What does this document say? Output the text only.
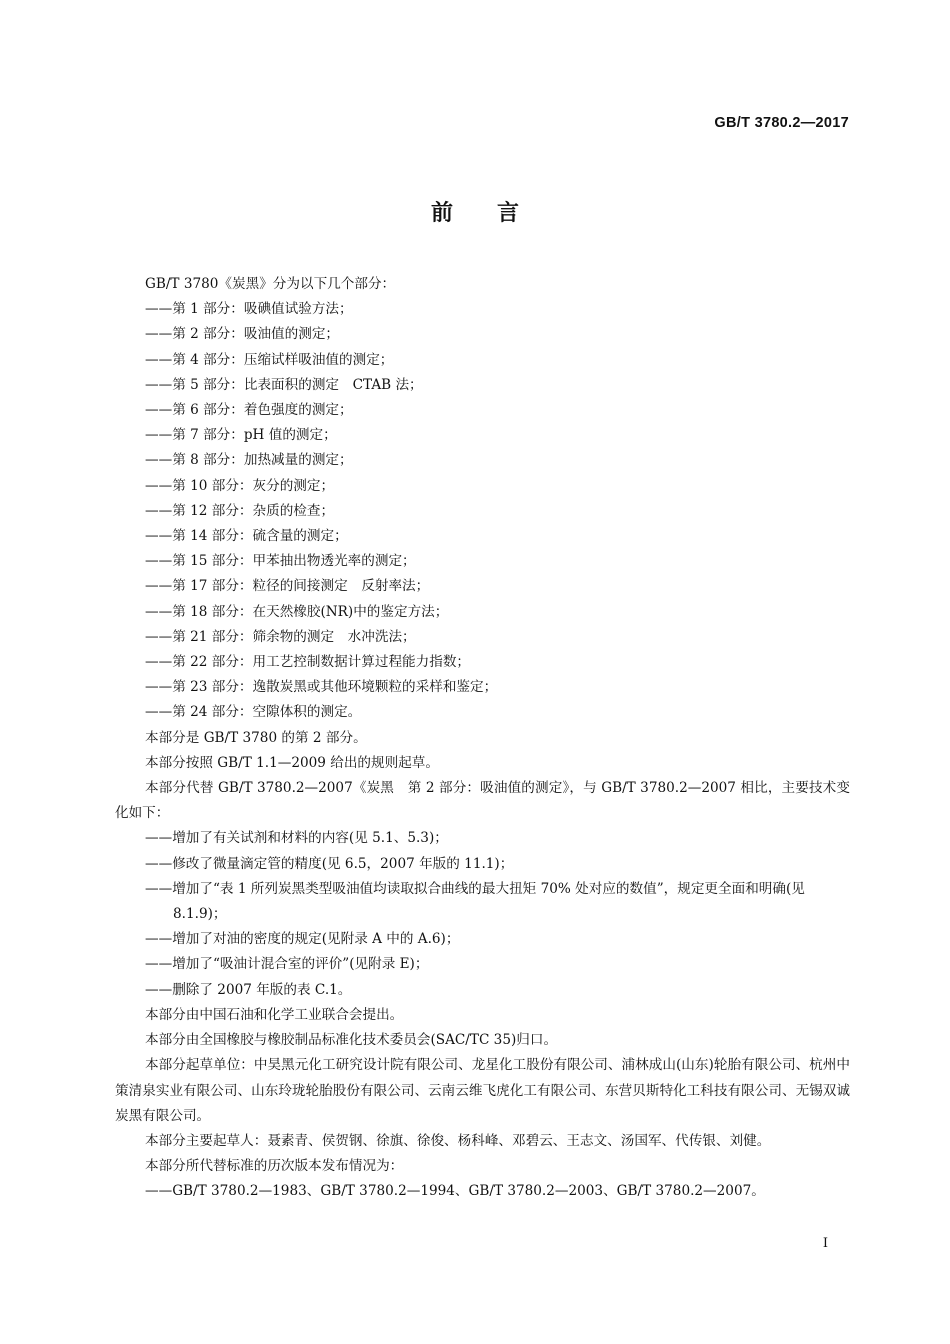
GB/T 3780.2—2017
前 言

GB/T 3780《炭黑》分为以下几个部分：

——第 1 部分：吸碘值试验方法；

——第 2 部分：吸油值的测定；

——第 4 部分：压缩试样吸油值的测定；

——第 5 部分：比表面积的测定　CTAB 法；

——第 6 部分：着色强度的测定；

——第 7 部分：pH 值的测定；

——第 8 部分：加热减量的测定；

——第 10 部分：灰分的测定；

——第 12 部分：杂质的检查；

——第 14 部分：硫含量的测定；

——第 15 部分：甲苯抽出物透光率的测定；

——第 17 部分：粒径的间接测定　反射率法；

——第 18 部分：在天然橡胶(NR)中的鉴定方法；

——第 21 部分：筛余物的测定　水冲洗法；

——第 22 部分：用工艺控制数据计算过程能力指数；

——第 23 部分：逸散炭黑或其他环境颗粒的采样和鉴定；

——第 24 部分：空隙体积的测定。

本部分是 GB/T 3780 的第 2 部分。

本部分按照 GB/T 1.1—2009 给出的规则起草。

本部分代替 GB/T 3780.2—2007《炭黑　第 2 部分：吸油值的测定》，与 GB/T 3780.2—2007 相比，主要技术变化如下：

——增加了有关试剂和材料的内容(见 5.1、5.3)；

——修改了微量滴定管的精度(见 6.5，2007 年版的 11.1)；

——增加了“表 1 所列炭黑类型吸油值均读取拟合曲线的最大扭矩 70% 处对应的数值”，规定更全面和明确(见 8.1.9)；

——增加了对油的密度的规定(见附录 A 中的 A.6)；

——增加了“吸油计混合室的评价”(见附录 E)；

——删除了 2007 年版的表 C.1。

本部分由中国石油和化学工业联合会提出。

本部分由全国橡胶与橡胶制品标准化技术委员会(SAC/TC 35)归口。

本部分起草单位：中昊黑元化工研究设计院有限公司、龙星化工股份有限公司、浦林成山(山东)轮胎有限公司、杭州中策清泉实业有限公司、山东玲珑轮胎股份有限公司、云南云维飞虎化工有限公司、东营贝斯特化工科技有限公司、无锡双诚炭黑有限公司。

本部分主要起草人：聂素青、侯贺钢、徐旗、徐俊、杨科峰、邓碧云、王志文、汤国军、代传银、刘健。

本部分所代替标准的历次版本发布情况为：

——GB/T 3780.2—1983、GB/T 3780.2—1994、GB/T 3780.2—2003、GB/T 3780.2—2007。

I
